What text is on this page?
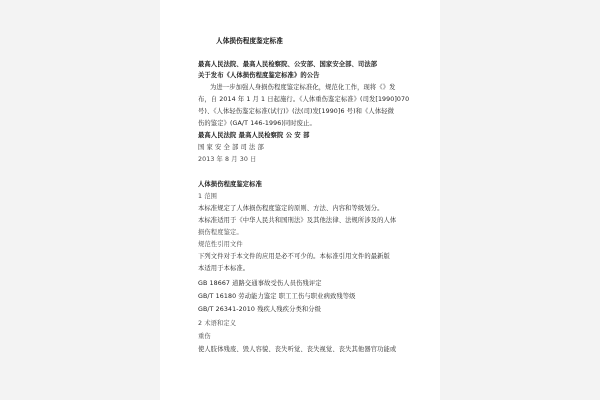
人体损伤程度鉴定标准
最高人民法院、最高人民检察院、公安部、国家安全部、司法部
关于发布《人体损伤程度鉴定标准》的公告
为进一步加强人身损伤程度鉴定标准化，规范化工作，现将《》发
布，自 2014 年 1 月 1 日起施行。《人体重伤鉴定标准》(司发[1990]070
号)、《人体轻伤鉴定标准(试行)》(法(司)发[1990]6 号)和《人体轻微
伤的鉴定》(GA/T 146-1996)同时废止。
最高人民法院 最高人民检察院 公 安 部
国 家 安 全 部 司 法 部
2013 年 8 月 30 日
人体损伤程度鉴定标准
1 范围
本标准规定了人体损伤程度鉴定的原则、方法、内容和等级划分。
本标准适用于《中华人民共和国刑法》及其他法律、法规所涉及的人体
损伤程度鉴定。
规范性引用文件
下列文件对于本文件的应用是必不可少的。本标准引用文件的最新版
本适用于本标准。
GB 18667 道路交通事故受伤人员伤残评定
GB/T 16180 劳动能力鉴定 职工工伤与职业病致残等级
GB/T 26341-2010 残疾人残疾分类和分级
2 术语和定义
重伤
使人肢体残废、毁人容貌、丧失听觉、丧失视觉、丧失其他器官功能或
